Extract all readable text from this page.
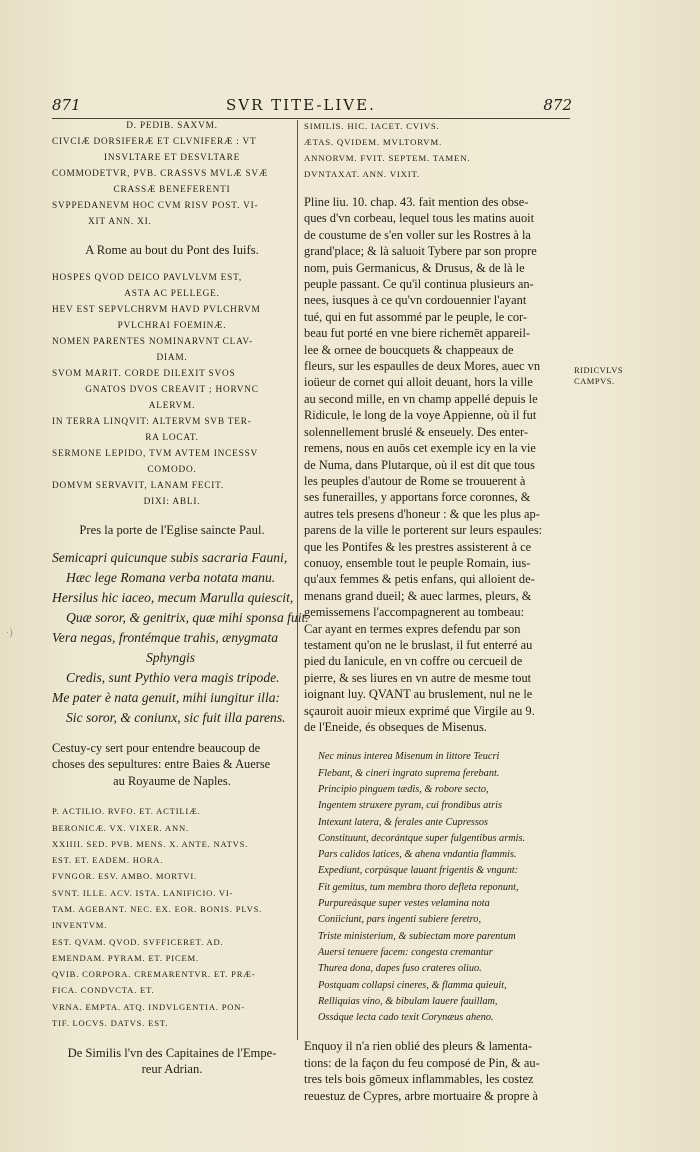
871	SVR TITE-LIVE.	872
D. PEDIB. SAXVM.
CIVCIÆ DORSIFERÆ ET CLVNIFERÆ : VT
INSVLTARE ET DESVLTARE
COMMODETVR, PVB. CRASSVS MVLÆ SVÆ
CRASSÆ BENEFERENTI
SVPPEDANEVM HOC CVM RISV POST. VI-
XIT ANN. XI.
A Rome au bout du Pont des Iuifs.
HOSPES QVOD DEICO PAVLVLVM EST,
ASTA AC PELLEGE.
HEV EST SEPVLCHRVM HAVD PVLCHRVM
PVLCHRAI FOEMINÆ.
NOMEN PARENTES NOMINARVNT CLAV-
DIAM.
SVOM MARIT. CORDE DILEXIT SVOS
GNATOS DVOS CREAVIT ; HORVNC
ALERVM.
IN TERRA LINQVIT: ALTERVM SVB TER-
RA LOCAT.
SERMONE LEPIDO, TVM AVTEM INCESSV
COMODO.
DOMVM SERVAVIT, LANAM FECIT.
DIXI: ABLI.
Pres la porte de l'Eglise saincte Paul.
Semicapri quicunque subis sacraria Fauni,
Hæc lege Romana verba notata manu.
Hersilus hic iaceo, mecum Marulla quiescit,
Quæ soror, & genitrix, quæ mihi sponsa fuit.
Vera negas, frontémque trahis, ænygmata
Sphyngis
Credis, sunt Pythio vera magis tripode.
Me pater è nata genuit, mihi iungitur illa:
Sic soror, & coniunx, sic fuit illa parens.
Cestuy-cy sert pour entendre beaucoup de
choses des sepultures: entre Baies & Auerse
au Royaume de Naples.
P. ACTILIO. RVFO. ET. ACTILIÆ.
BERONICÆ. VX. VIXER. ANN.
XXIIII. SED. PVB. MENS. X. ANTE. NATVS.
EST. ET. EADEM. HORA.
FVNGOR. ESV. AMBO. MORTVI.
SVNT. ILLE. ACV. ISTA. LANIFICIO. VI-
TAM. AGEBANT. NEC. EX. EOR. BONIS. PLVS.
INVENTVM.
EST. QVAM. QVOD. SVFFICERET. AD.
EMENDAM. PYRAM. ET. PICEM.
QVIB. CORPORA. CREMARENTVR. ET. PRÆ-
FICA. CONDVCTA. ET.
VRNA. EMPTA. ATQ. INDVLGENTIA. PON-
TIF. LOCVS. DATVS. EST.
De Similis l'vn des Capitaines de l'Empe-
reur Adrian.
SIMILIS. HIC. IACET. CVIVS.
ÆTAS. QVIDEM. MVLTORVM.
ANNORVM. FVIT. SEPTEM. TAMEN.
DVNTAXAT. ANN. VIXIT.
Pline liu. 10. chap. 43. fait mention des obse-
ques d'vn corbeau, lequel tous les matins auoit
de coustume de s'en voller sur les Rostres à la
grand'place; & là saluoit Tybere par son propre
nom, puis Germanicus, & Drusus, & de là le
peuple passant. Ce qu'il continua plusieurs an-
nees, iusques à ce qu'vn cordouennier l'ayant
tué, qui en fut assommé par le peuple, le cor-
beau fut porté en vne biere richemēt appareil-
lee & ornee de boucquets & chappeaux de
fleurs, sur les espaulles de deux Mores, auec vn
ioüeur de cornet qui alloit deuant, hors la ville
au second mille, en vn champ appellé depuis le
Ridicule, le long de la voye Appienne, où il fut
solennellement bruslé & enseuely. Des enter-
remens, nous en auōs cet exemple icy en la vie
de Numa, dans Plutarque, où il est dit que tous
les peuples d'autour de Rome se trouuerent à
ses funerailles, y apportans force coronnes, &
autres tels presens d'honeur : & que les plus ap-
parens de la ville le porterent sur leurs espaules:
que les Pontifes & les prestres assisterent à ce
conuoy, ensemble tout le peuple Romain, ius-
qu'aux femmes & petis enfans, qui alloient de-
menans grand dueil; & auec larmes, pleurs, &
gemissemens l'accompagnerent au tombeau:
Car ayant en termes expres defendu par son
testament qu'on ne le bruslast, il fut enterré au
pied du Ianicule, en vn coffre ou cercueil de
pierre, & ses liures en vn autre de mesme tout
ioignant luy. QVANT au bruslement, nul ne le
sçauroit auoir mieux exprimé que Virgile au 9.
de l'Eneide, és obseques de Misenus.
Nec minus interea Misenum in littore Teucri
Flebant, & cineri ingrato suprema ferebant.
Principio pinguem tædis, & robore secto,
Ingentem struxere pyram, cui frondibus atris
Intexunt latera, & ferales ante Cupressos
Constituunt, decorántque super fulgentibus armis.
Pars calidos latices, & ahena vndantia flammis.
Expediunt, corpúsque lauant frigentis & vngunt:
Fit gemitus, tum membra thoro defleta reponunt,
Purpureásque super vestes velamina nota
Coniiciunt, pars ingenti subiere feretro,
Triste ministerium, & subiectam more parentum
Auersi tenuere facem: congesta cremantur
Thurea dona, dapes fuso crateres oliuo.
Postquam collapsi cineres, & flamma quieuit,
Relliquias vino, & bibulam lauere fauillam,
Ossáque lecta cado texit Corynæus aheno.
Enquoy il n'a rien oblié des pleurs & lamenta-
tions: de la façon du feu composé de Pin, & au-
tres tels bois gōmeux inflammables, les costez
reuestuz de Cypres, arbre mortuaire & propre à
RIDICVLVS
CAMPVS.
·)
